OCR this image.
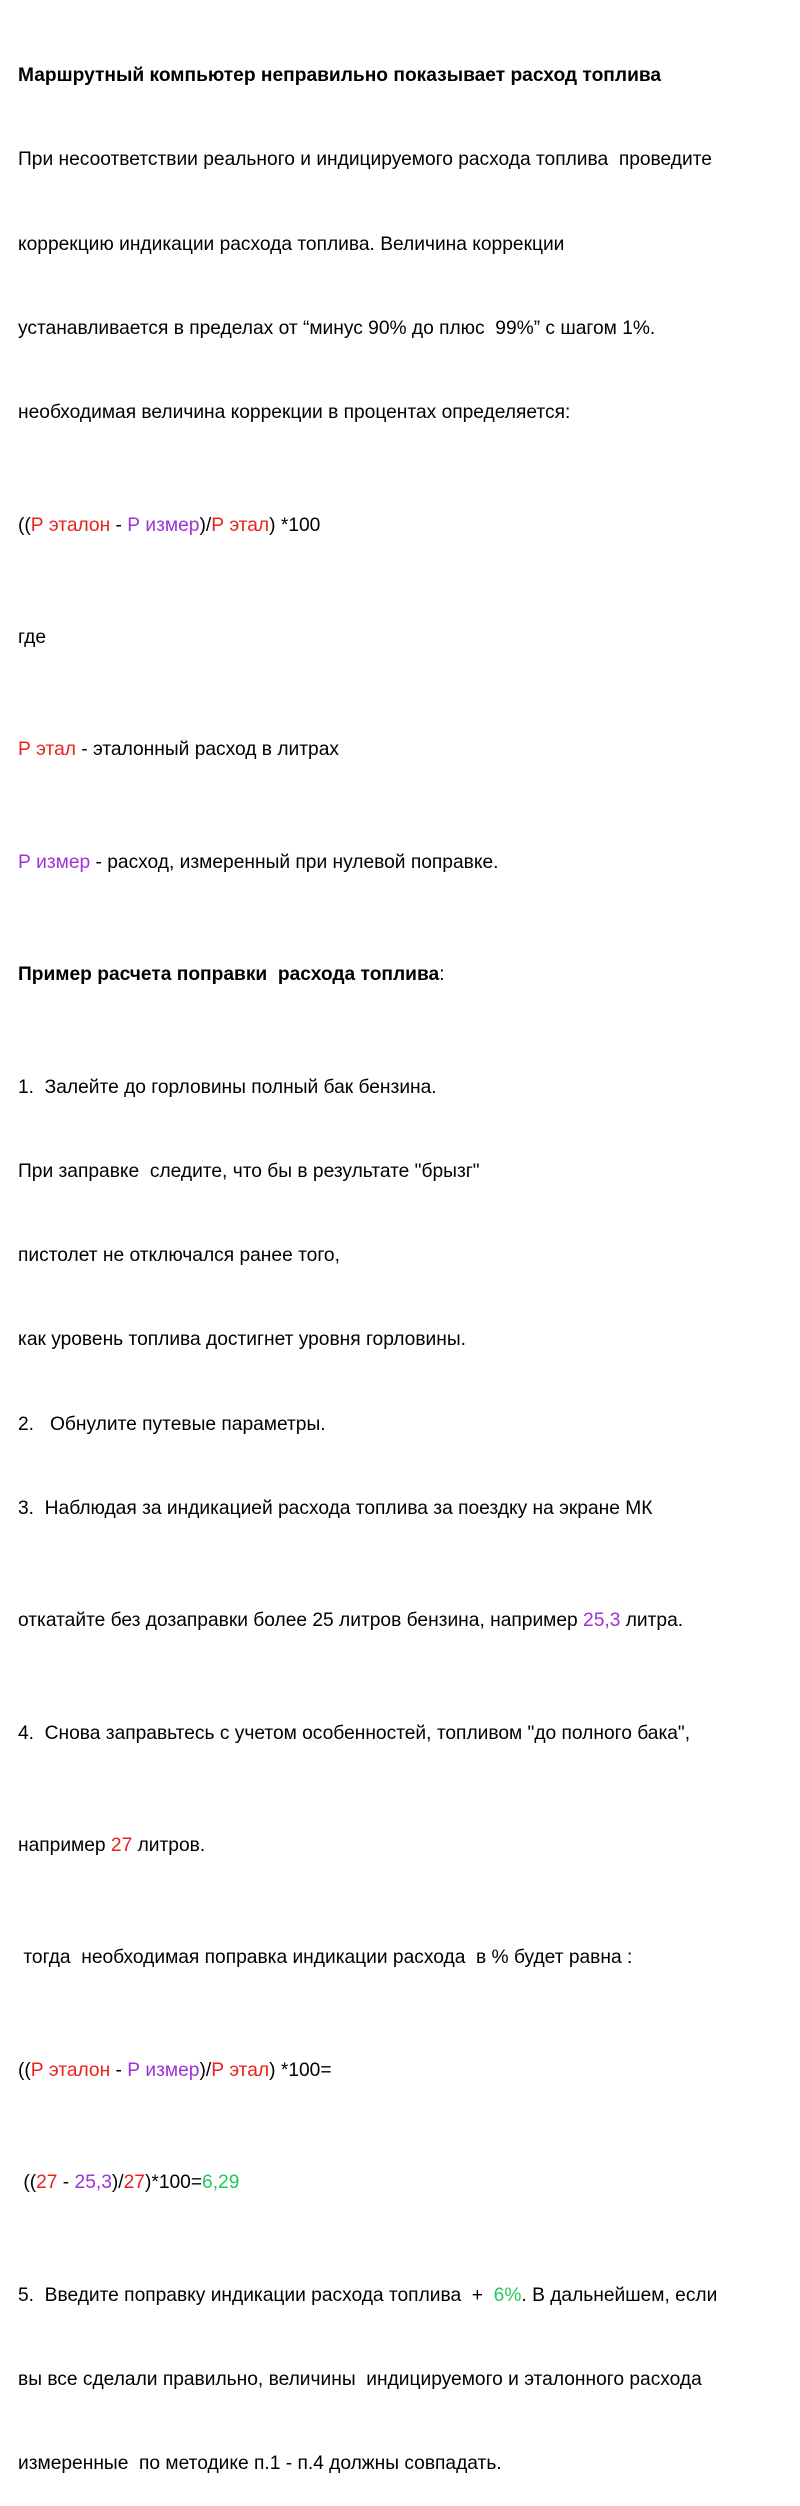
Маршрутный компьютер неправильно показывает расход топлива

При несоответствии реального и индицируемого расхода топлива  проведите

коррекцию индикации расхода топлива. Величина коррекции

устанавливается в пределах от “минус 90% до плюс  99%” с шагом 1%.

необходимая величина коррекции в процентах определяется:

((Р эталон - Р измер)/Р этал) *100

где

Р этал - эталонный расход в литрах

Р измер - расход, измеренный при нулевой поправке.

Пример расчета поправки  расхода топлива:

1.  Залейте до горловины полный бак бензина.

При заправке  следите, что бы в результате "брызг"

пистолет не отключался ранее того,

как уровень топлива достигнет уровня горловины.

2.   Обнулите путевые параметры.

3.  Наблюдая за индикацией расхода топлива за поездку на экране МК

откатайте без дозаправки более 25 литров бензина, например 25,3 литра.

4.  Снова заправьтесь с учетом особенностей, топливом "до полного бака",

например 27 литров.

тогда  необходимая поправка индикации расхода  в % будет равна :

((Р эталон - Р измер)/Р этал) *100=

((27 - 25,3)/27)*100=6,29

5.  Введите поправку индикации расхода топлива  +  6%. В дальнейшем, если

вы все сделали правильно, величины  индицируемого и эталонного расхода

измеренные  по методике п.1 - п.4 должны совпадать.
